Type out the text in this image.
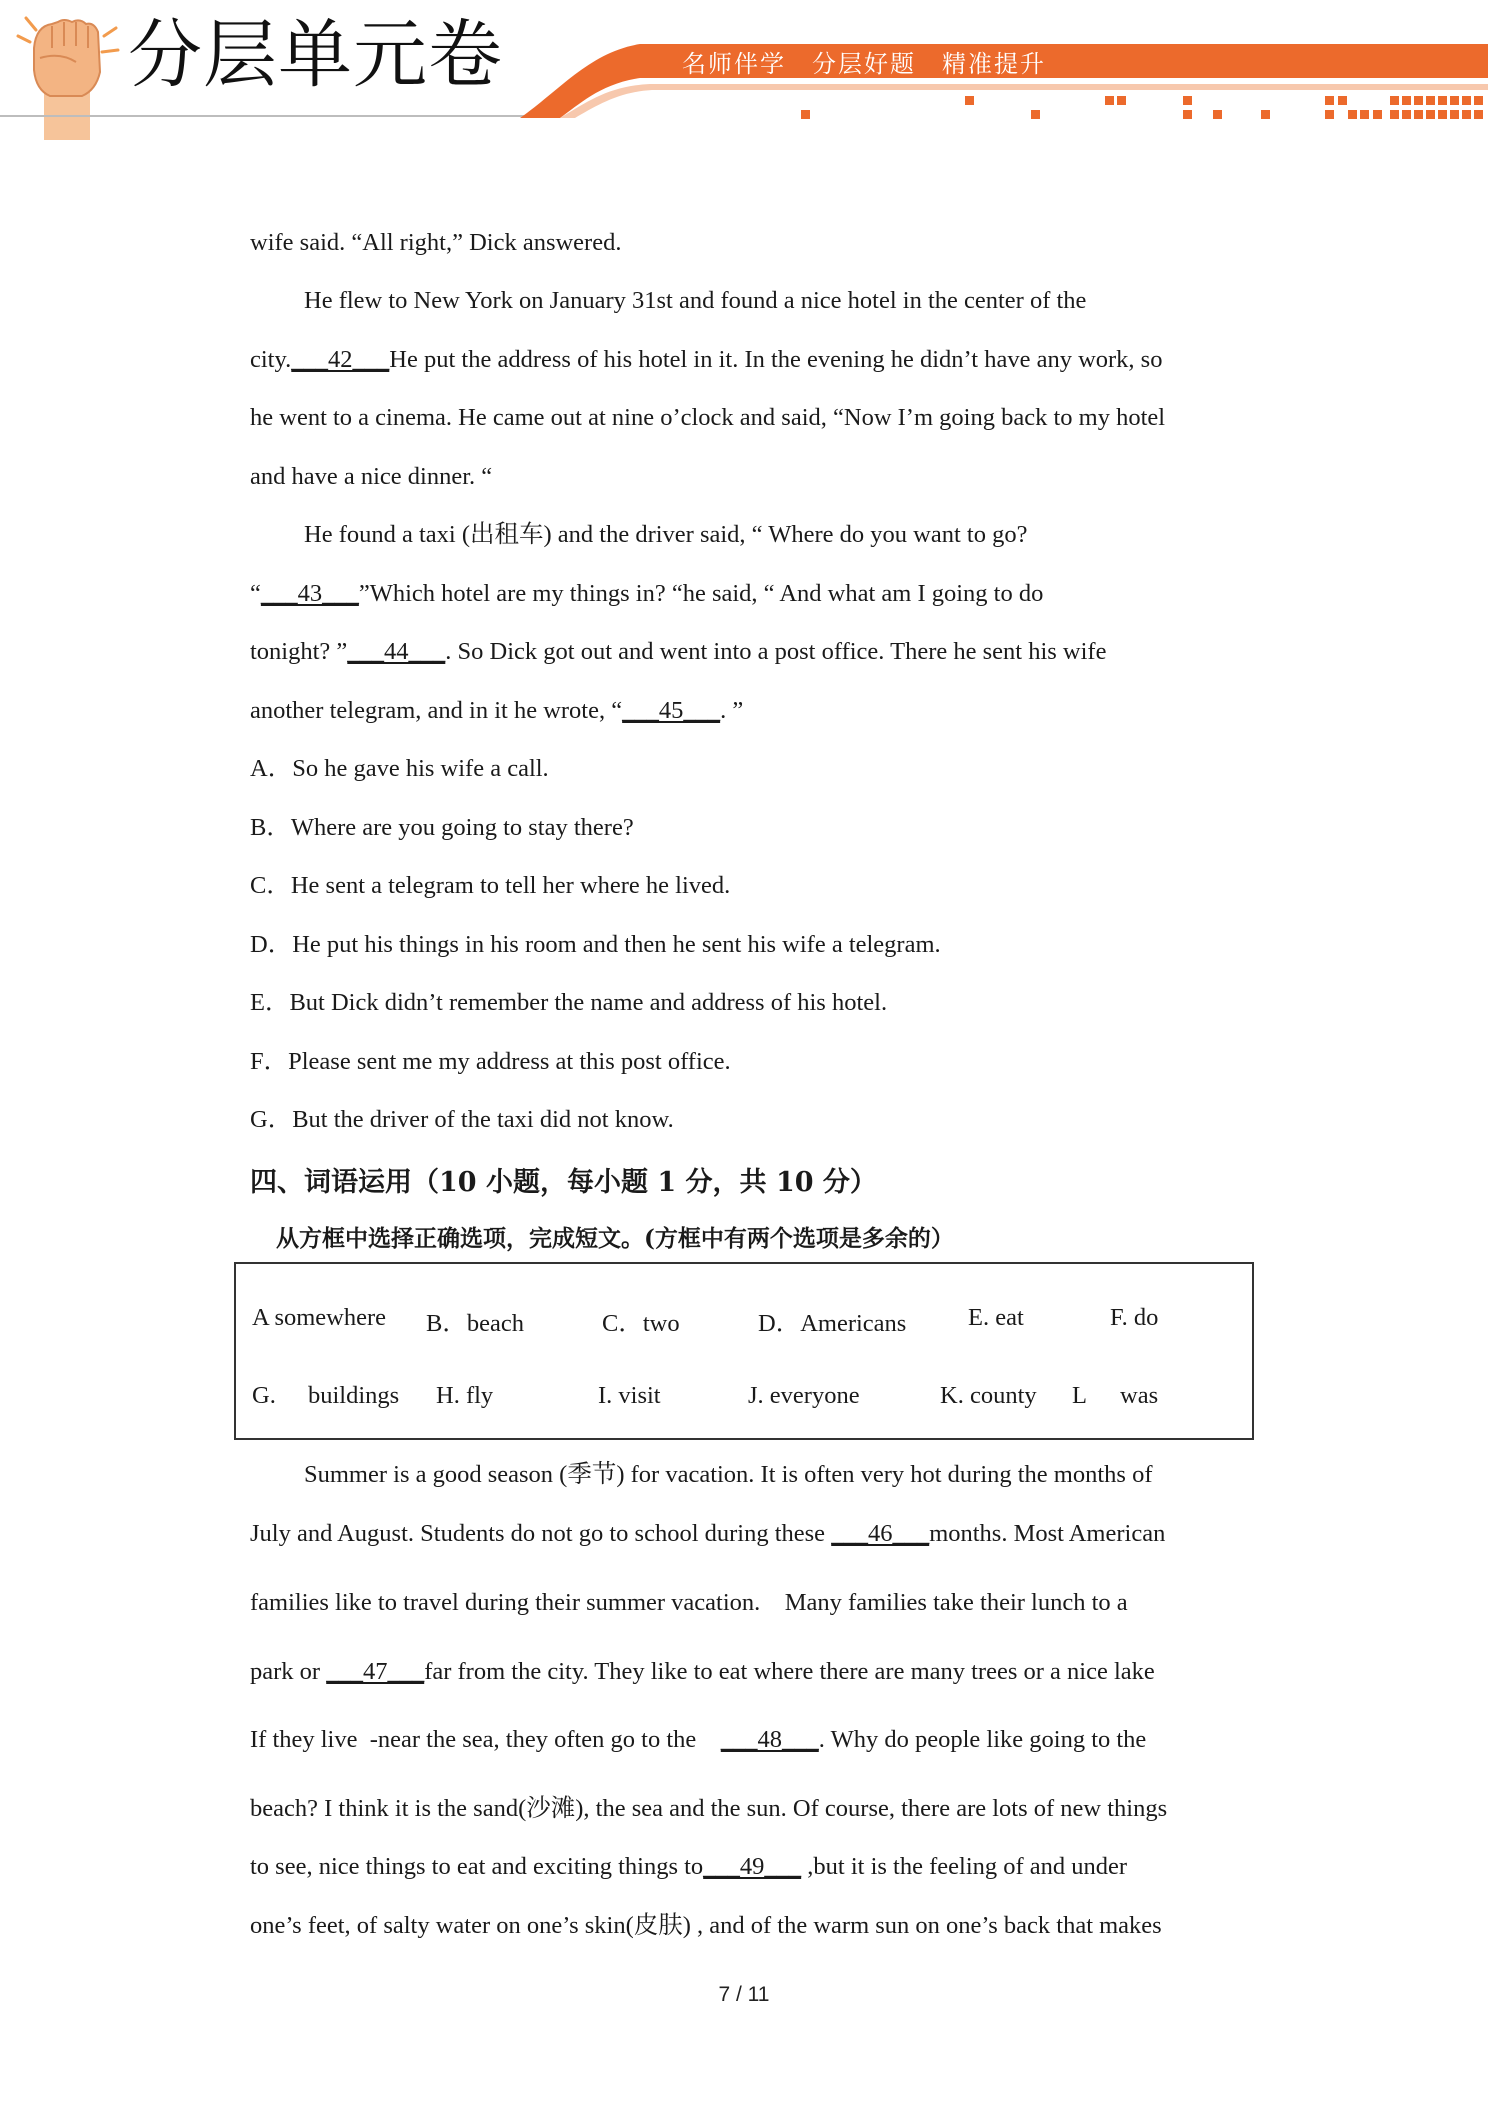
分层单元卷	名师伴学　分层好题　精准提升
wife said. “All right,” Dick answered.
He flew to New York on January 31st and found a nice hotel in the center of the
city.___42___He put the address of his hotel in it. In the evening he didn’t have any work, so
he went to a cinema. He came out at nine o’clock and said, “Now I’m going back to my hotel
and have a nice dinner. “
He found a taxi (出租车) and the driver said, “ Where do you want to go?
“___43___”Which hotel are my things in? “he said, “ And what am I going to do
tonight? ”___44___. So Dick got out and went into a post office. There he sent his wife
another telegram, and in it he wrote, “___45___. ”
A．So he gave his wife a call.
B．Where are you going to stay there?
C．He sent a telegram to tell her where he lived.
D．He put his things in his room and then he sent his wife a telegram.
E．But Dick didn’t remember the name and address of his hotel.
F．Please sent me my address at this post office.
G．But the driver of the taxi did not know.
四、词语运用（10 小题，每小题 1 分，共 10 分）
从方框中选择正确选项，完成短文。(方框中有两个选项是多余的）
A somewhere B．beach	C．two	D．Americans	E. eat	F. do
G. buildings H. fly	I. visit	J. everyone	K. county L was
Summer is a good season (季节) for vacation. It is often very hot during the months of
July and August. Students do not go to school during these ___46___months. Most American
families like to travel during their summer vacation.    Many families take their lunch to a
park or ___47___far from the city. They like to eat where there are many trees or a nice lake
If they live  -near the sea, they often go to the    ___48___. Why do people like going to the
beach? I think it is the sand(沙滩), the sea and the sun. Of course, there are lots of new things
to see, nice things to eat and exciting things to___49___ ,but it is the feeling of and under
one’s feet, of salty water on one’s skin(皮肤) , and of the warm sun on one’s back that makes
7 / 11
